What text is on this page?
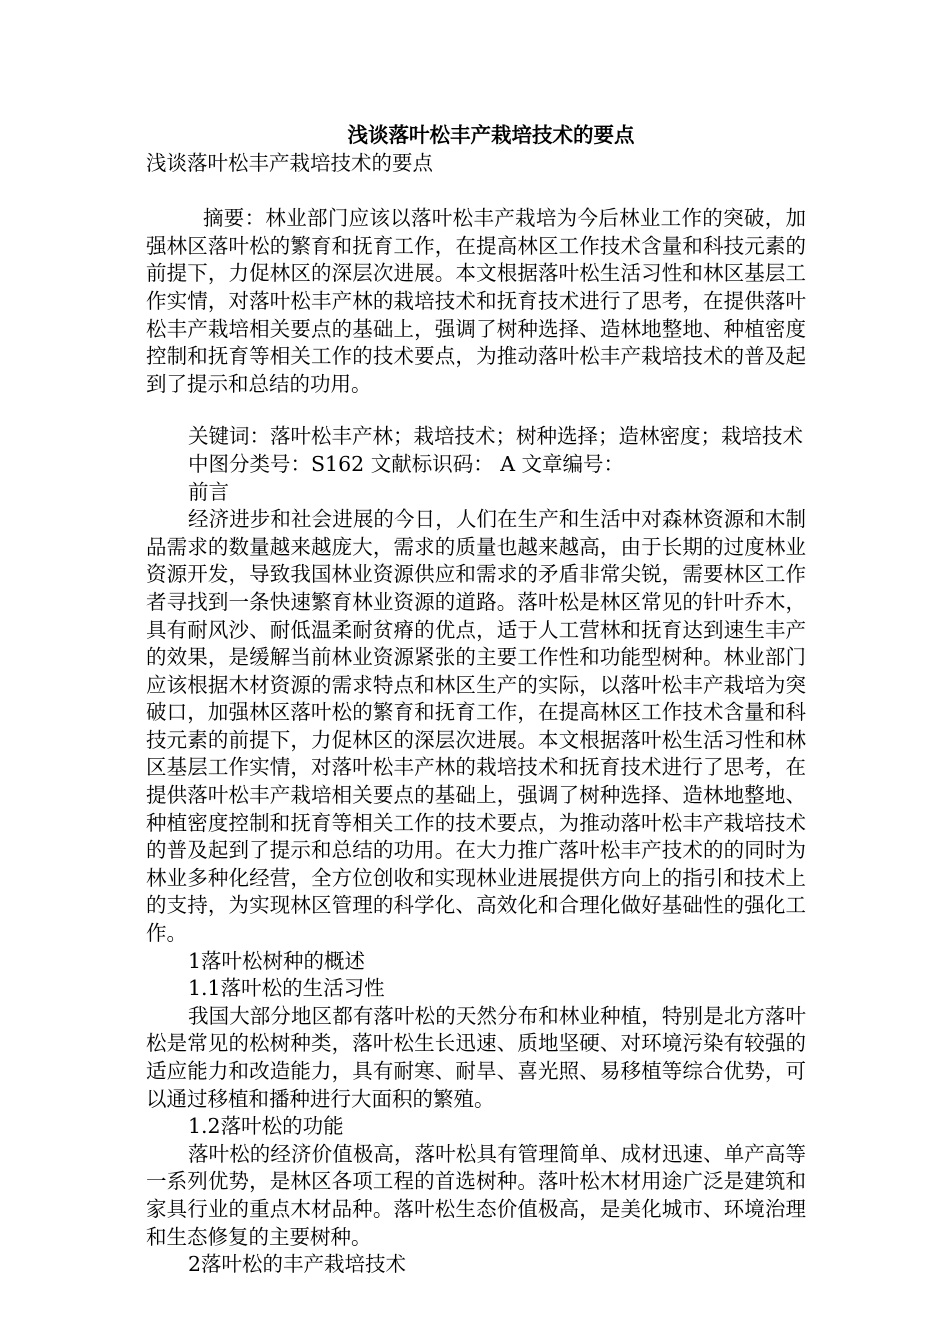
浅谈落叶松丰产栽培技术的要点

浅谈落叶松丰产栽培技术的要点

摘要：林业部门应该以落叶松丰产栽培为今后林业工作的突破，加强林区落叶松的繁育和抚育工作，在提高林区工作技术含量和科技元素的前提下，力促林区的深层次进展。本文根据落叶松生活习性和林区基层工作实情，对落叶松丰产林的栽培技术和抚育技术进行了思考，在提供落叶松丰产栽培相关要点的基础上，强调了树种选择、造林地整地、种植密度控制和抚育等相关工作的技术要点，为推动落叶松丰产栽培技术的普及起到了提示和总结的功用。

关键词：落叶松丰产林；栽培技术；树种选择；造林密度；栽培技术

中图分类号：S162 文献标识码： A 文章编号：

前言

经济进步和社会进展的今日，人们在生产和生活中对森林资源和木制品需求的数量越来越庞大，需求的质量也越来越高，由于长期的过度林业资源开发，导致我国林业资源供应和需求的矛盾非常尖锐，需要林区工作者寻找到一条快速繁育林业资源的道路。落叶松是林区常见的针叶乔木，具有耐风沙、耐低温柔耐贫瘠的优点，适于人工营林和抚育达到速生丰产的效果，是缓解当前林业资源紧张的主要工作性和功能型树种。林业部门应该根据木材资源的需求特点和林区生产的实际，以落叶松丰产栽培为突破口，加强林区落叶松的繁育和抚育工作，在提高林区工作技术含量和科技元素的前提下，力促林区的深层次进展。本文根据落叶松生活习性和林区基层工作实情，对落叶松丰产林的栽培技术和抚育技术进行了思考，在提供落叶松丰产栽培相关要点的基础上，强调了树种选择、造林地整地、种植密度控制和抚育等相关工作的技术要点，为推动落叶松丰产栽培技术的普及起到了提示和总结的功用。在大力推广落叶松丰产技术的的同时为林业多种化经营，全方位创收和实现林业进展提供方向上的指引和技术上的支持，为实现林区管理的科学化、高效化和合理化做好基础性的强化工作。

1落叶松树种的概述

1.1落叶松的生活习性

我国大部分地区都有落叶松的天然分布和林业种植，特别是北方落叶松是常见的松树种类，落叶松生长迅速、质地坚硬、对环境污染有较强的适应能力和改造能力，具有耐寒、耐旱、喜光照、易移植等综合优势，可以通过移植和播种进行大面积的繁殖。

1.2落叶松的功能

落叶松的经济价值极高，落叶松具有管理简单、成材迅速、单产高等一系列优势，是林区各项工程的首选树种。落叶松木材用途广泛是建筑和家具行业的重点木材品种。落叶松生态价值极高，是美化城市、环境治理和生态修复的主要树种。

2落叶松的丰产栽培技术
